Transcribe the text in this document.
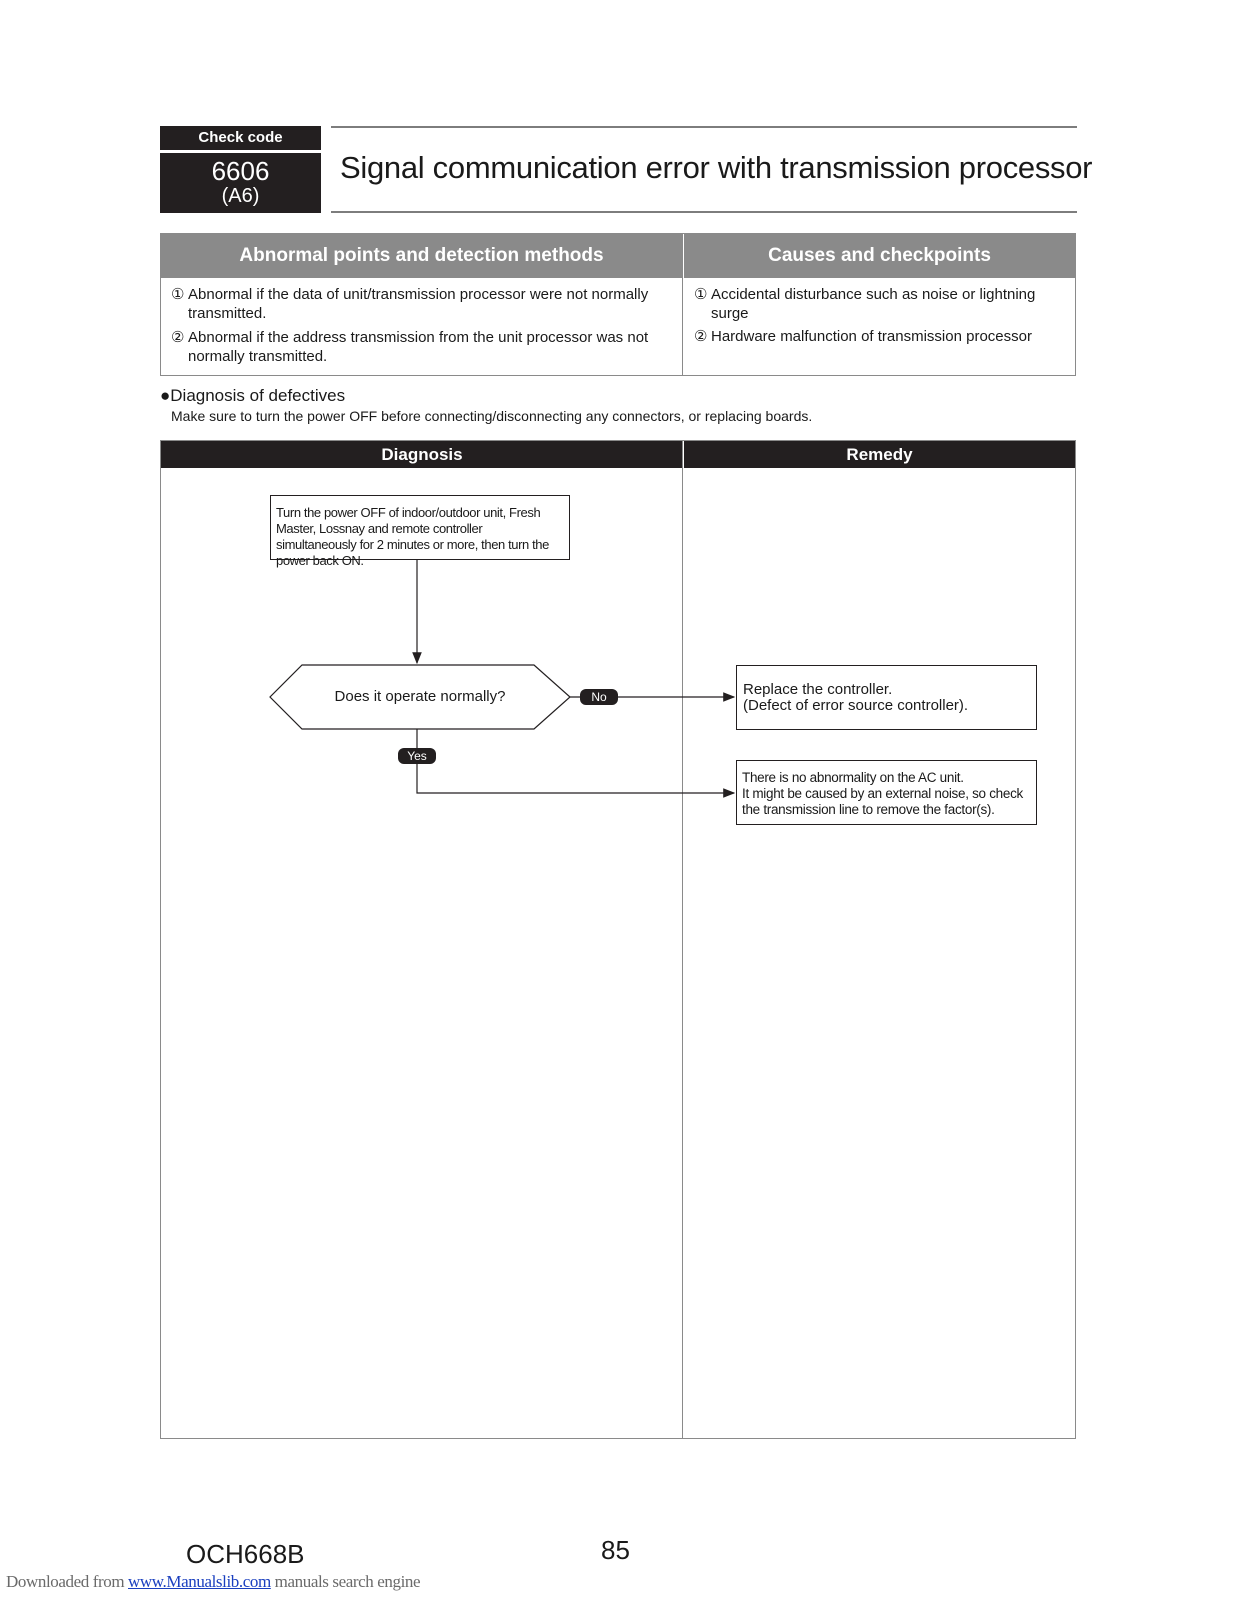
Check code
6606
(A6)
Signal communication error with transmission processor
Abnormal points and detection methods	Causes and checkpoints
① Abnormal if the data of unit/transmission processor were not normally transmitted.
② Abnormal if the address transmission from the unit processor was not normally transmitted.
① Accidental disturbance such as noise or lightning surge
② Hardware malfunction of transmission processor
●Diagnosis of defectives
Make sure to turn the power OFF before connecting/disconnecting any connectors, or replacing boards.
Diagnosis	Remedy
Turn the power OFF of indoor/outdoor unit, Fresh Master, Lossnay and remote controller simultaneously for 2 minutes or more, then turn the power back ON.
Does it operate normally?	No
Yes
Replace the controller.
(Defect of error source controller).
There is no abnormality on the AC unit.
It might be caused by an external noise, so check the transmission line to remove the factor(s).
OCH668B	85
Downloaded from www.Manualslib.com manuals search engine
